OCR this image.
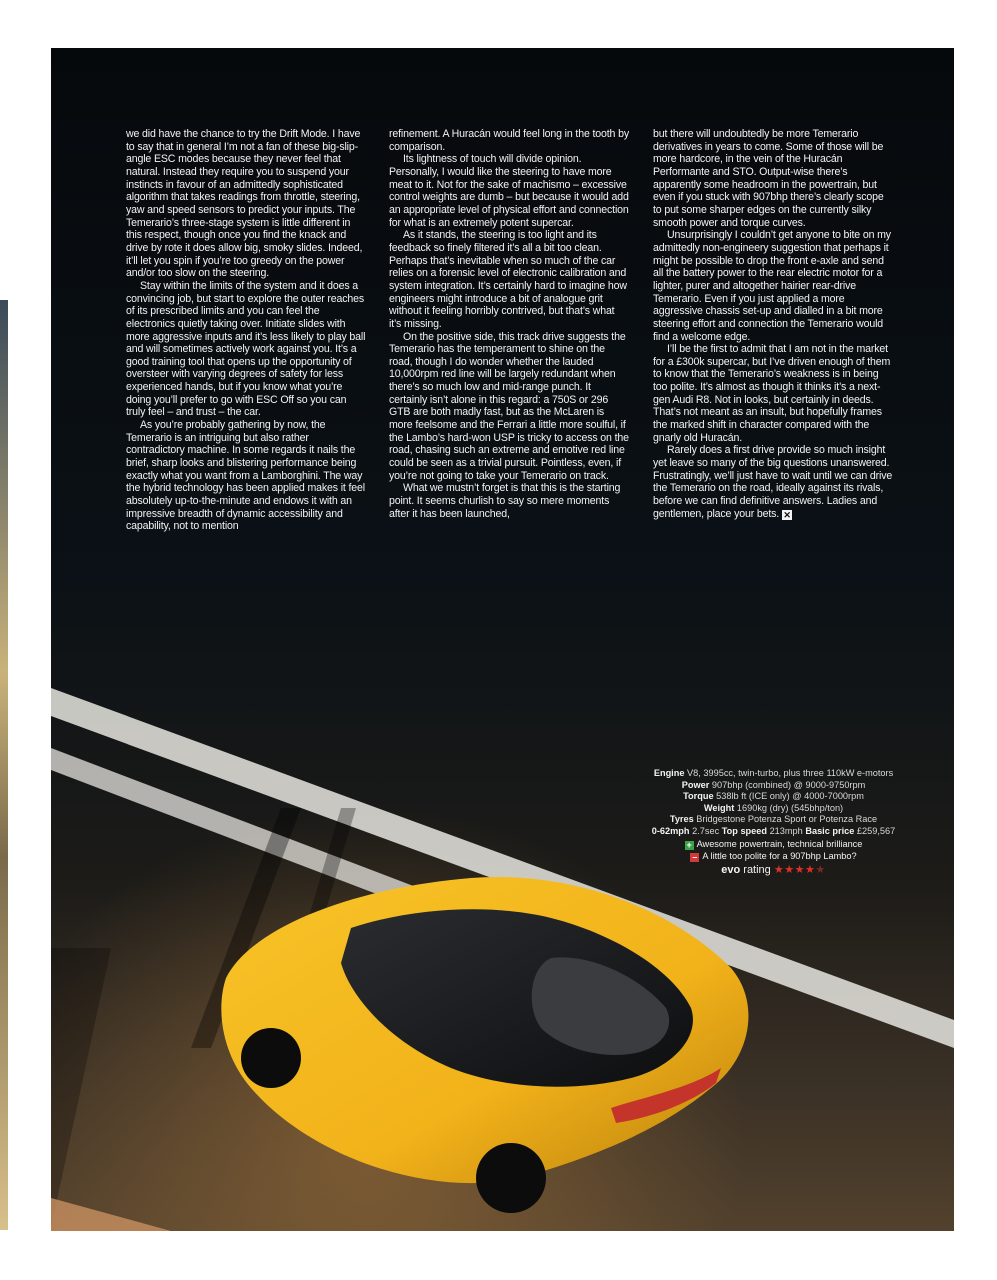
we did have the chance to try the Drift Mode. I have to say that in general I’m not a fan of these big-slip-angle ESC modes because they never feel that natural. Instead they require you to suspend your instincts in favour of an admittedly sophisticated algorithm that takes readings from throttle, steering, yaw and speed sensors to predict your inputs. The Temerario’s three-stage system is little different in this respect, though once you find the knack and drive by rote it does allow big, smoky slides. Indeed, it’ll let you spin if you’re too greedy on the power and/or too slow on the steering.

Stay within the limits of the system and it does a convincing job, but start to explore the outer reaches of its prescribed limits and you can feel the electronics quietly taking over. Initiate slides with more aggressive inputs and it’s less likely to play ball and will sometimes actively work against you. It’s a good training tool that opens up the opportunity of oversteer with varying degrees of safety for less experienced hands, but if you know what you’re doing you’ll prefer to go with ESC Off so you can truly feel – and trust – the car.

As you’re probably gathering by now, the Temerario is an intriguing but also rather contradictory machine. In some regards it nails the brief, sharp looks and blistering performance being exactly what you want from a Lamborghini. The way the hybrid technology has been applied makes it feel absolutely up-to-the-minute and endows it with an impressive breadth of dynamic accessibility and capability, not to mention

refinement. A Huracán would feel long in the tooth by comparison.

Its lightness of touch will divide opinion. Personally, I would like the steering to have more meat to it. Not for the sake of machismo – excessive control weights are dumb – but because it would add an appropriate level of physical effort and connection for what is an extremely potent supercar.

As it stands, the steering is too light and its feedback so finely filtered it’s all a bit too clean. Perhaps that’s inevitable when so much of the car relies on a forensic level of electronic calibration and system integration. It’s certainly hard to imagine how engineers might introduce a bit of analogue grit without it feeling horribly contrived, but that’s what it’s missing.

On the positive side, this track drive suggests the Temerario has the temperament to shine on the road, though I do wonder whether the lauded 10,000rpm red line will be largely redundant when there’s so much low and mid-range punch. It certainly isn’t alone in this regard: a 750S or 296 GTB are both madly fast, but as the McLaren is more feelsome and the Ferrari a little more soulful, if the Lambo’s hard-won USP is tricky to access on the road, chasing such an extreme and emotive red line could be seen as a trivial pursuit. Pointless, even, if you’re not going to take your Temerario on track.

What we mustn’t forget is that this is the starting point. It seems churlish to say so mere moments after it has been launched,

but there will undoubtedly be more Temerario derivatives in years to come. Some of those will be more hardcore, in the vein of the Huracán Performante and STO. Output-wise there’s apparently some headroom in the powertrain, but even if you stuck with 907bhp there’s clearly scope to put some sharper edges on the currently silky smooth power and torque curves.

Unsurprisingly I couldn’t get anyone to bite on my admittedly non-engineery suggestion that perhaps it might be possible to drop the front e-axle and send all the battery power to the rear electric motor for a lighter, purer and altogether hairier rear-drive Temerario. Even if you just applied a more aggressive chassis set-up and dialled in a bit more steering effort and connection the Temerario would find a welcome edge.

I’ll be the first to admit that I am not in the market for a £300k supercar, but I’ve driven enough of them to know that the Temerario’s weakness is in being too polite. It’s almost as though it thinks it’s a next-gen Audi R8. Not in looks, but certainly in deeds. That’s not meant as an insult, but hopefully frames the marked shift in character compared with the gnarly old Huracán.

Rarely does a first drive provide so much insight yet leave so many of the big questions unanswered. Frustratingly, we’ll just have to wait until we can drive the Temerario on the road, ideally against its rivals, before we can find definitive answers. Ladies and gentlemen, place your bets. ✕

Engine V8, 3995cc, twin-turbo, plus three 110kW e-motors
Power 907bhp (combined) @ 9000-9750rpm
Torque 538lb ft (ICE only) @ 4000-7000rpm
Weight 1690kg (dry) (545bhp/ton)
Tyres Bridgestone Potenza Sport or Potenza Race
0-62mph 2.7sec Top speed 213mph Basic price £259,567
+ Awesome powertrain, technical brilliance
– A little too polite for a 907bhp Lambo?
evo rating ★★★★★
